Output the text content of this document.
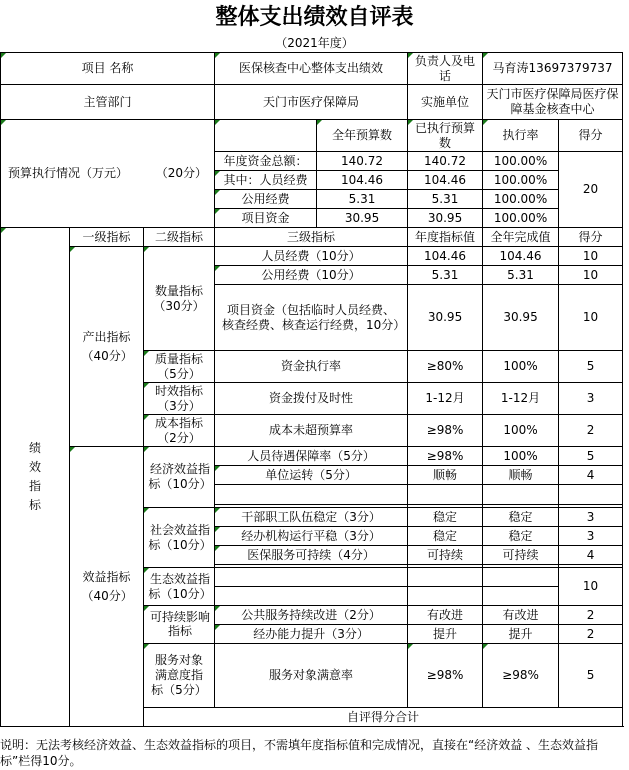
整体支出绩效自评表
（2021年度）
项目 名称			医保核查中心整体支出绩效		负责人及电话	马育涛13697379737		
主管部门			天门市医疗保障局		实施单位	天门市医疗保障局医疗保障基金核查中心		
预算执行情况（万元） （20分）				全年预算数	已执行预算数	执行率	得分	
			年度资金总额：	140.72	140.72	100.00%	20	
			其中：人员经费	104.46	104.46	100.00%		
			公用经费	5.31	5.31	100.00%		
			项目资金	30.95	30.95	100.00%		

绩效指标	一级指标	二级指标	三级指标		年度指标值	全年完成值	得分	

	产出指标（40分）	数量指标（30分）	人员经费（10分）		104.46	104.46	10	
			公用经费（10分）		5.31	5.31	10	

			项目资金（包括临时人员经费、核查经费、核查运行经费，10分）		30.95	30.95	10	

		质量指标（5分）	资金执行率		≥80%	100%	5	

		时效指标（3分）	资金拨付及时性		1-12月	1-12月	3	

		成本指标（2分）	成本未超预算率		≥98%	100%	2	

	效益指标（40分）	经济效益指标（10分）	人员待遇保障率（5分）		≥98%	100%	5	
			单位运转（5分）		顺畅	顺畅	4	

		社会效益指标（10分）	干部职工队伍稳定（3分）		稳定	稳定	3	
			经办机构运行平稳（3分）		稳定	稳定	3	
			医保服务可持续（4分）		可持续	可持续	4	

		生态效益指标（10分）					10	

		可持续影响指标	公共服务持续改进（2分）		有改进	有改进	2	
			经办能力提升（3分）		提升	提升	2	

		服务对象满意度指标（5分）	服务对象满意率		≥98%	≥98%	5	
		自评得分合计	
说明：无法考核经济效益、生态效益指标的项目，不需填年度指标值和完成情况，直接在“经济效益 、生态效益指标”栏得10分。
